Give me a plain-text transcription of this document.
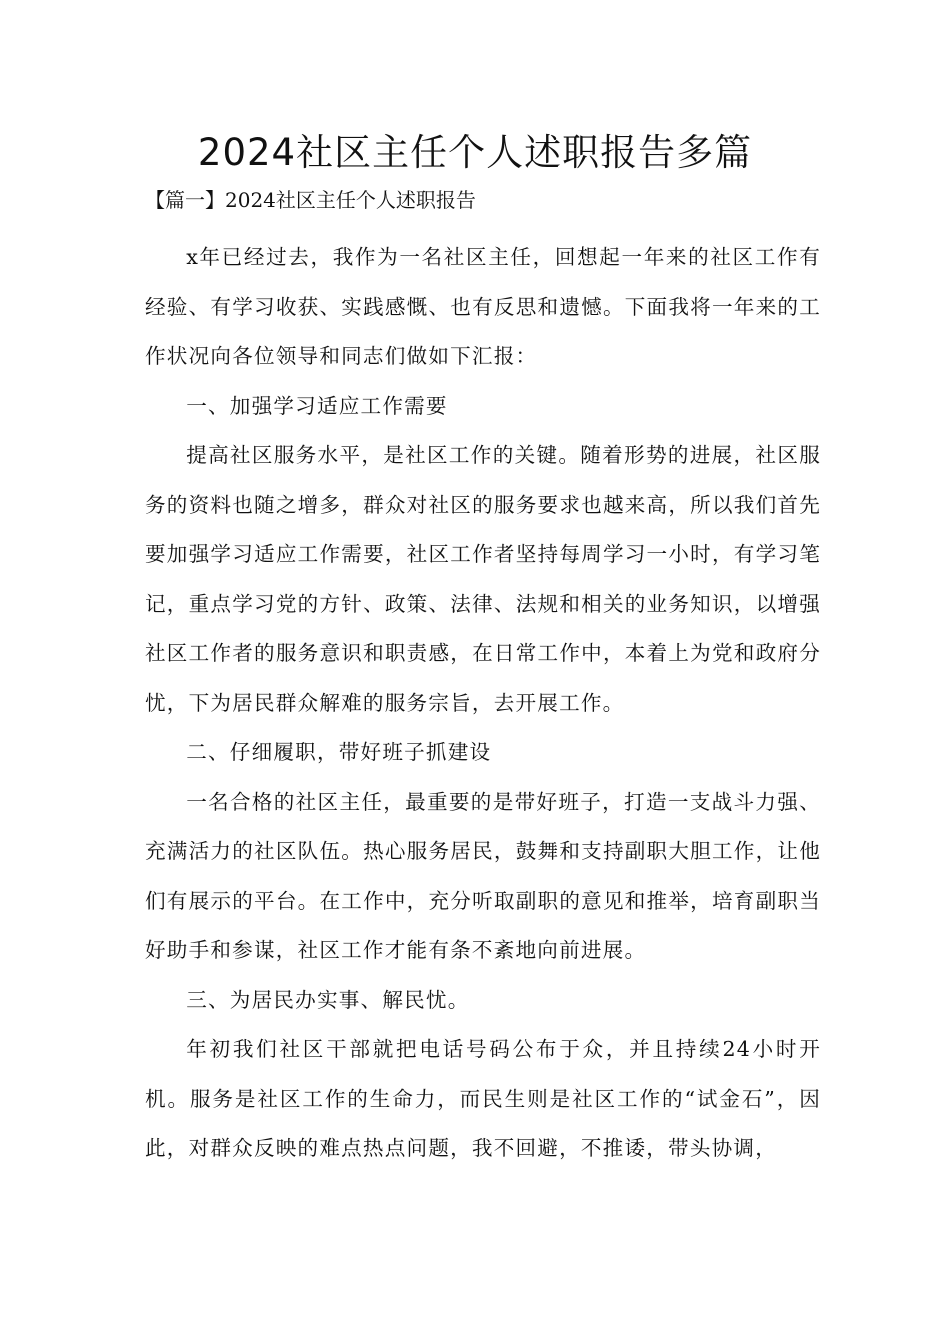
2024社区主任个人述职报告多篇
【篇一】2024社区主任个人述职报告

x年已经过去，我作为一名社区主任，回想起一年来的社区工作有经验、有学习收获、实践感慨、也有反思和遗憾。下面我将一年来的工作状况向各位领导和同志们做如下汇报：

一、加强学习适应工作需要

提高社区服务水平，是社区工作的关键。随着形势的进展，社区服务的资料也随之增多，群众对社区的服务要求也越来高，所以我们首先要加强学习适应工作需要，社区工作者坚持每周学习一小时，有学习笔记，重点学习党的方针、政策、法律、法规和相关的业务知识，以增强社区工作者的服务意识和职责感，在日常工作中，本着上为党和政府分忧，下为居民群众解难的服务宗旨，去开展工作。

二、仔细履职，带好班子抓建设

一名合格的社区主任，最重要的是带好班子，打造一支战斗力强、充满活力的社区队伍。热心服务居民，鼓舞和支持副职大胆工作，让他们有展示的平台。在工作中，充分听取副职的意见和推举，培育副职当好助手和参谋，社区工作才能有条不紊地向前进展。

三、为居民办实事、解民忧。

年初我们社区干部就把电话号码公布于众，并且持续24小时开机。服务是社区工作的生命力，而民生则是社区工作的“试金石”，因此，对群众反映的难点热点问题，我不回避，不推诿，带头协调，
